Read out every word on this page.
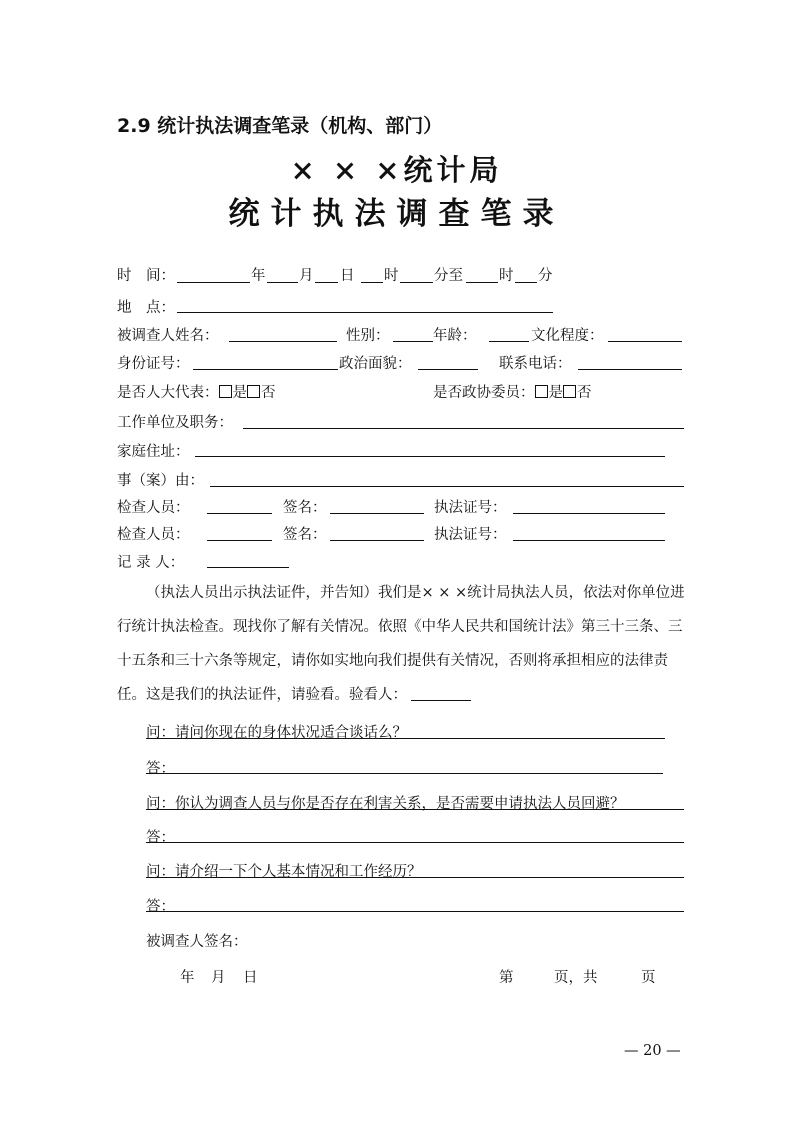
2.9 统计执法调查笔录（机构、部门）
× × ×统计局
统计执法调查笔录
时　间：	年 月 日 时 分至 时 分
地　点：
被调查人姓名：	性别：	年龄：	文化程度：
身份证号：	政治面貌：	联系电话：
是否人大代表： 是 否	是否政协委员： 是 否
工作单位及职务：
家庭住址：
事（案）由：
检查人员：	签名：	执法证号：
检查人员：	签名：	执法证号：
记 录 人：
（执法人员出示执法证件，并告知）我们是× × ×统计局执法人员，依法对你单位进行统计执法检查。现找你了解有关情况。依照《中华人民共和国统计法》第三十三条、三十五条和三十六条等规定，请你如实地向我们提供有关情况，否则将承担相应的法律责任。这是我们的执法证件，请验看。验看人：
问：请问你现在的身体状况适合谈话么？
答：
问：你认为调查人员与你是否存在利害关系，是否需要申请执法人员回避？
答：
问：请介绍一下个人基本情况和工作经历？
答：
被调查人签名：
年 月 日	第	页，共	页
— 20 —
